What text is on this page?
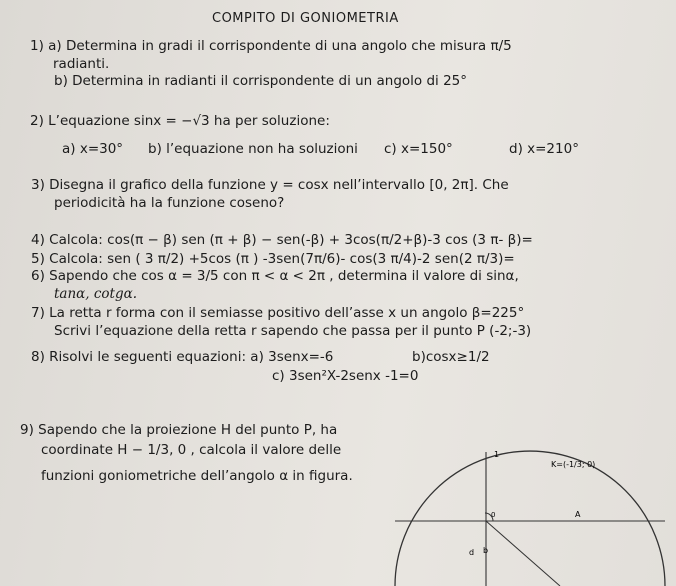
COMPITO DI GONIOMETRIA
1) a) Determina in gradi il corrispondente di una angolo che misura π/5
radianti.
b) Determina in radianti il corrispondente di un angolo di 25°
2) L’equazione sinx = −√3 ha per soluzione:
a) x=30° b) l’equazione non ha soluzioni c) x=150°	d) x=210°
3) Disegna il grafico della funzione y = cosx nell’intervallo [0, 2π]. Che
periodicità ha la funzione coseno?
4) Calcola: cos(π − β) sen (π + β) − sen(-β) + 3cos(π/2+β)-3 cos (3 π- β)=
5) Calcola: sen ( 3 π/2) +5cos (π ) -3sen(7π/6)- cos(3 π/4)-2 sen(2 π/3)=
6) Sapendo che cos α = 3/5 con π < α < 2π , determina il valore di sinα,
tanα, cotgα.
7) La retta r forma con il semiasse positivo dell’asse x un angolo β=225°
Scrivi l’equazione della retta r sapendo che passa per il punto P (-2;-3)
8) Risolvi le seguenti equazioni: a) 3senx=-6	b)cosx≥1/2
c) 3sen²X-2senx -1=0
9) Sapendo che la proiezione H del punto P, ha
coordinate H − 1/3, 0 , calcola il valore delle
funzioni goniometriche dell’angolo α in figura.
1
K=(-1/3; 0)
A
0
d b
